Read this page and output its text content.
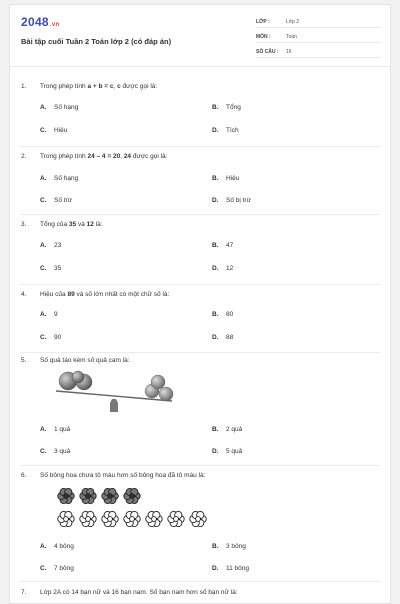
2048.vn
Bài tập cuối Tuần 2 Toán lớp 2 (có đáp án)
LỚP :	Lớp 2
MÔN :	Toán
SỐ CÂU : 16
1. Trong phép tính a + b = c, c được gọi là:
A. Số hạng	B. Tổng
C. Hiệu	D. Tích
2. Trong phép tính 24 – 4 = 20, 24 được gọi là:
A. Số hạng	B. Hiệu
C. Số trừ	D. Số bị trừ
3. Tổng của 35 và 12 là:
A. 23	B. 47
C. 35	D. 12
4. Hiệu của 89 và số lớn nhất có một chữ số là:
A. 9	B. 80
C. 90	D. 88
5. Số quả táo kém số quả cam là:
A. 1 quả	B. 2 quả
C. 3 quả	D. 5 quả
6. Số bông hoa chưa tô màu hơn số bông hoa đã tô màu là:
A. 4 bông	B. 3 bông
C. 7 bông	D. 11 bông
7. Lớp 2A có 14 bạn nữ và 16 bạn nam. Số bạn nam hơn số bạn nữ là:
